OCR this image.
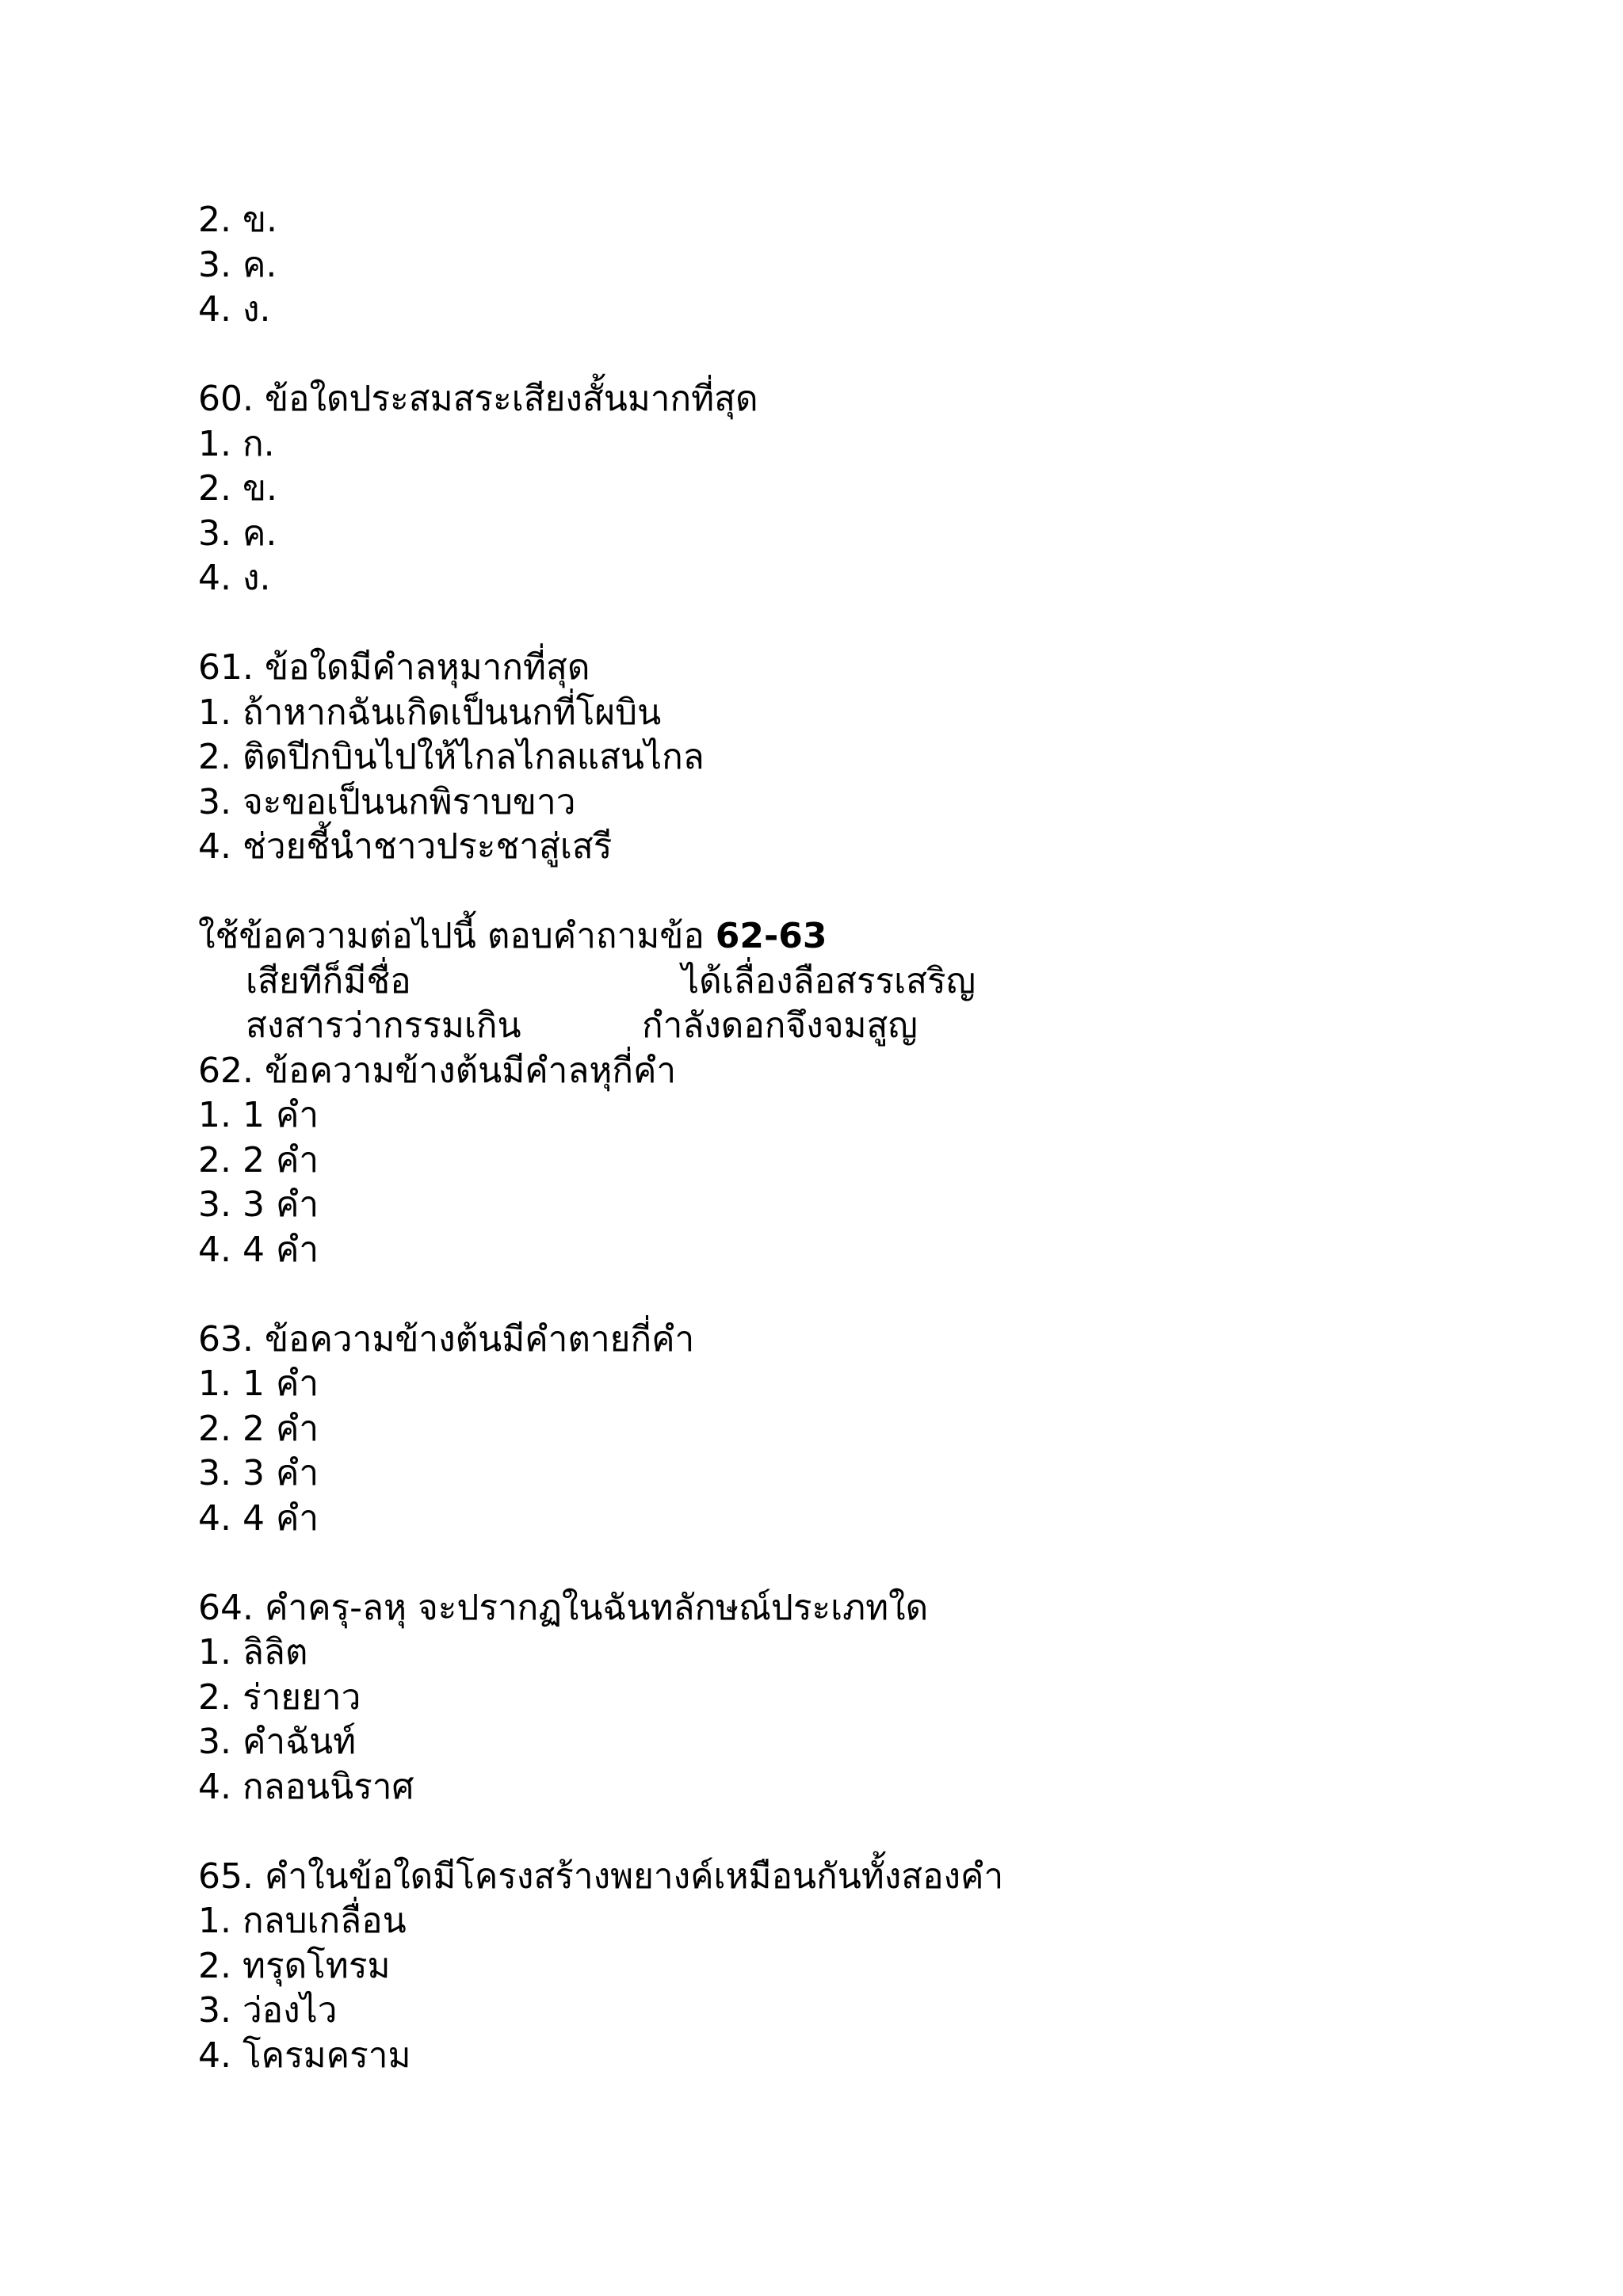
2. ข.
3. ค.
4. ง.
60. ข้อใดประสมสระเสียงสั้นมากที่สุด
1. ก.
2. ข.
3. ค.
4. ง.
61. ข้อใดมีคำลหุมากที่สุด
1. ถ้าหากฉันเกิดเป็นนกที่โผบิน
2. ติดปีกบินไปให้ไกลไกลแสนไกล
3. จะขอเป็นนกพิราบขาว
4. ช่วยชี้นำชาวประชาสู่เสรี
ใช้ข้อความต่อไปนี้ ตอบคำถามข้อ 62-63
เสียทีก็มีชื่อ	ได้เลื่องลือสรรเสริญ
สงสารว่ากรรมเกิน	กำลังดอกจึงจมสูญ
62. ข้อความข้างต้นมีคำลหุกี่คำ
1. 1 คำ
2. 2 คำ
3. 3 คำ
4. 4 คำ
63. ข้อความข้างต้นมีคำตายกี่คำ
1. 1 คำ
2. 2 คำ
3. 3 คำ
4. 4 คำ
64. คำครุ-ลหุ จะปรากฏในฉันทลักษณ์ประเภทใด
1. ลิลิต
2. ร่ายยาว
3. คำฉันท์
4. กลอนนิราศ
65. คำในข้อใดมีโครงสร้างพยางค์เหมือนกันทั้งสองคำ
1. กลบเกลื่อน
2. ทรุดโทรม
3. ว่องไว
4. โครมคราม
